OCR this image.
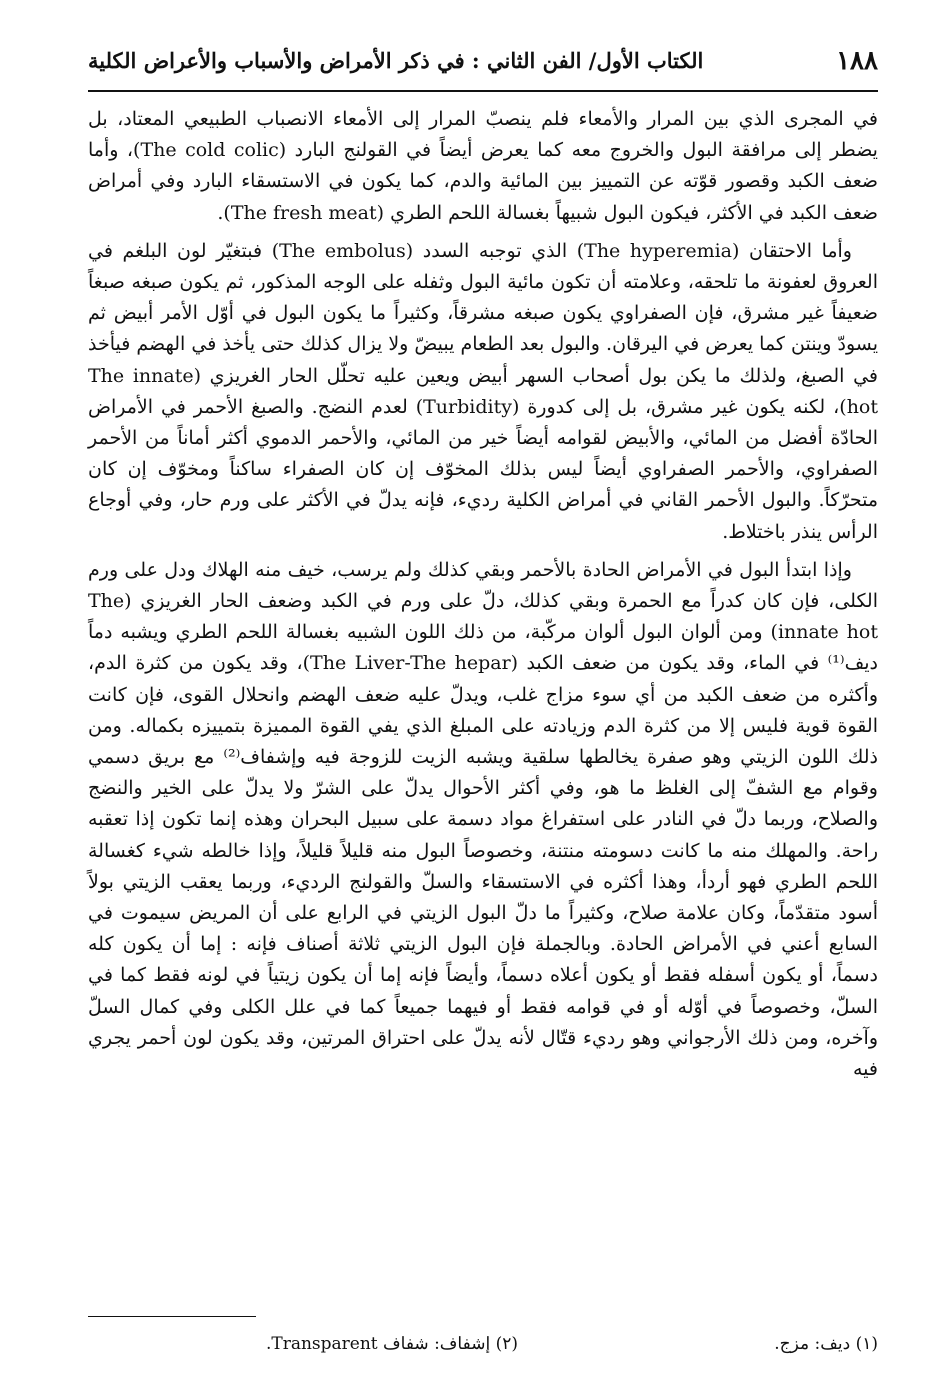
١٨٨
الكتاب الأول/ الفن الثاني : في ذكر الأمراض والأسباب والأعراض الكلية

في المجرى الذي بين المرار والأمعاء فلم ينصبّ المرار إلى الأمعاء الانصباب الطبيعي المعتاد، بل يضطر إلى مرافقة البول والخروج معه كما يعرض أيضاً في القولنج البارد (The cold colic)، وأما ضعف الكبد وقصور قوّته عن التمييز بين المائية والدم، كما يكون في الاستسقاء البارد وفي أمراض ضعف الكبد في الأكثر، فيكون البول شبيهاً بغسالة اللحم الطري (The fresh meat).

وأما الاحتقان (The hyperemia) الذي توجبه السدد (The embolus) فبتغيّر لون البلغم في العروق لعفونة ما تلحقه، وعلامته أن تكون مائية البول وثفله على الوجه المذكور، ثم يكون صبغه صبغاً ضعيفاً غير مشرق، فإن الصفراوي يكون صبغه مشرقاً، وكثيراً ما يكون البول في أوّل الأمر أبيض ثم يسودّ وينتن كما يعرض في اليرقان. والبول بعد الطعام يبيضّ ولا يزال كذلك حتى يأخذ في الهضم فيأخذ في الصبغ، ولذلك ما يكن بول أصحاب السهر أبيض ويعين عليه تحلّل الحار الغريزي (The innate hot)، لكنه يكون غير مشرق، بل إلى كدورة (Turbidity) لعدم النضج. والصبغ الأحمر في الأمراض الحادّة أفضل من المائي، والأبيض لقوامه أيضاً خير من المائي، والأحمر الدموي أكثر أماناً من الأحمر الصفراوي، والأحمر الصفراوي أيضاً ليس بذلك المخوّف إن كان الصفراء ساكناً ومخوّف إن كان متحرّكاً. والبول الأحمر القاني في أمراض الكلية رديء، فإنه يدلّ في الأكثر على ورم حار، وفي أوجاع الرأس ينذر باختلاط.

وإذا ابتدأ البول في الأمراض الحادة بالأحمر وبقي كذلك ولم يرسب، خيف منه الهلاك ودل على ورم الكلى، فإن كان كدراً مع الحمرة وبقي كذلك، دلّ على ورم في الكبد وضعف الحار الغريزي (The innate hot) ومن ألوان البول ألوان مركّبة، من ذلك اللون الشبيه بغسالة اللحم الطري ويشبه دماً ديف⁽¹⁾ في الماء، وقد يكون من ضعف الكبد (The Liver-The hepar)، وقد يكون من كثرة الدم، وأكثره من ضعف الكبد من أي سوء مزاج غلب، ويدلّ عليه ضعف الهضم وانحلال القوى، فإن كانت القوة قوية فليس إلا من كثرة الدم وزيادته على المبلغ الذي يفي القوة المميزة بتمييزه بكماله. ومن ذلك اللون الزيتي وهو صفرة يخالطها سلقية ويشبه الزيت للزوجة فيه وإشفاف⁽²⁾ مع بريق دسمي وقوام مع الشفّ إلى الغلظ ما هو، وفي أكثر الأحوال يدلّ على الشرّ ولا يدلّ على الخير والنضج والصلاح، وربما دلّ في النادر على استفراغ مواد دسمة على سبيل البحران وهذه إنما تكون إذا تعقبه راحة. والمهلك منه ما كانت دسومته منتنة، وخصوصاً البول منه قليلاً قليلاً، وإذا خالطه شيء كغسالة اللحم الطري فهو أردأ، وهذا أكثره في الاستسقاء والسلّ والقولنج الرديء، وربما يعقب الزيتي بولاً أسود متقدّماً، وكان علامة صلاح، وكثيراً ما دلّ البول الزيتي في الرابع على أن المريض سيموت في السابع أعني في الأمراض الحادة. وبالجملة فإن البول الزيتي ثلاثة أصناف فإنه : إما أن يكون كله دسماً، أو يكون أسفله فقط أو يكون أعلاه دسماً، وأيضاً فإنه إما أن يكون زيتياً في لونه فقط كما في السلّ، وخصوصاً في أوّله أو في قوامه فقط أو فيهما جميعاً كما في علل الكلى وفي كمال السلّ وآخره، ومن ذلك الأرجواني وهو رديء قتّال لأنه يدلّ على احتراق المرتين، وقد يكون لون أحمر يجري فيه

(١) ديف: مزج.
(٢) إشفاف: شفاف Transparent.
